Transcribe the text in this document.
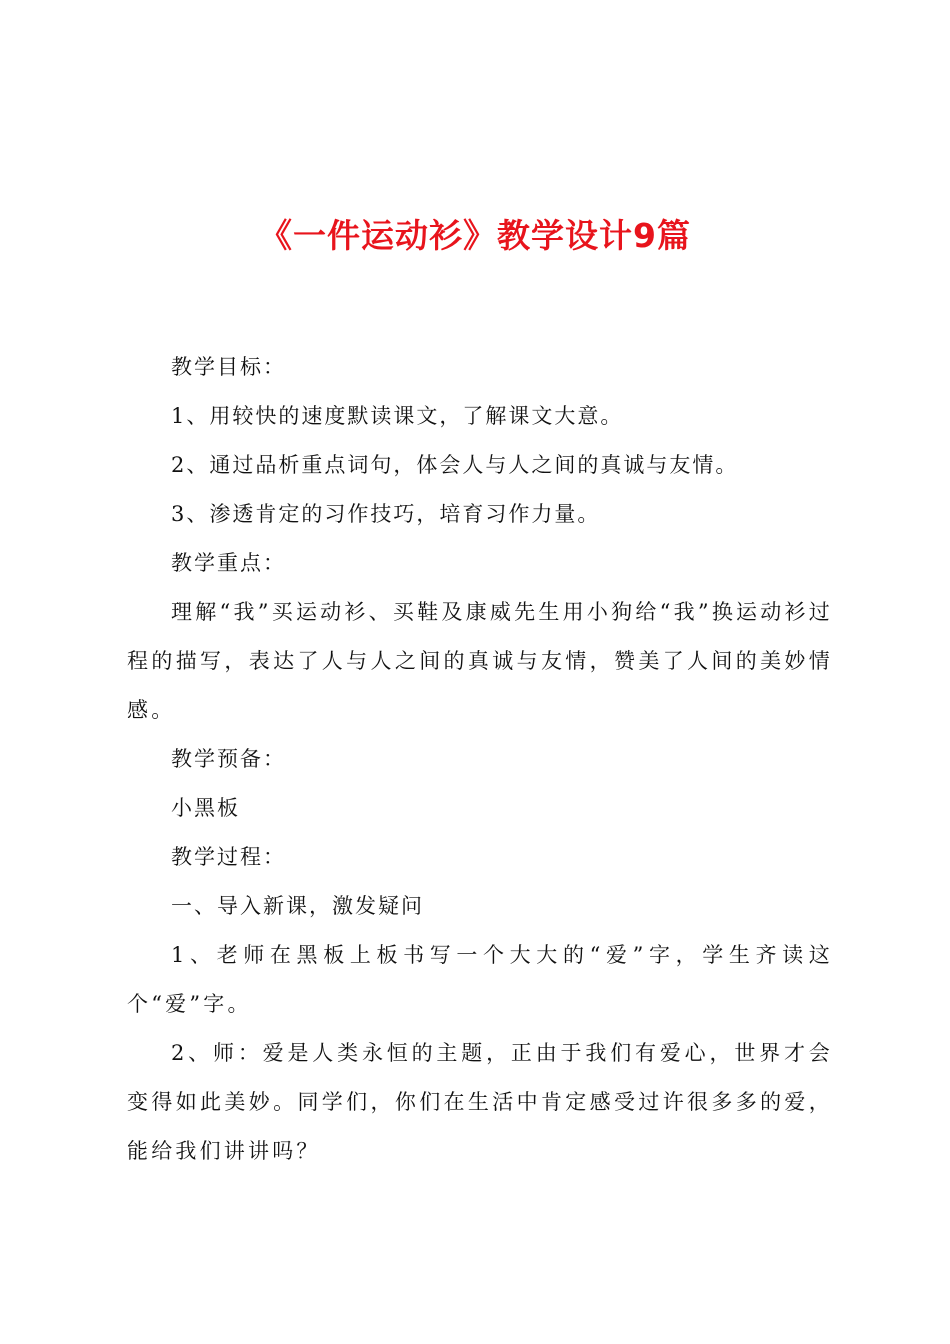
《一件运动衫》教学设计9篇

教学目标：

1、用较快的速度默读课文，了解课文大意。

2、通过品析重点词句，体会人与人之间的真诚与友情。

3、渗透肯定的习作技巧，培育习作力量。

教学重点：

理解“我”买运动衫、买鞋及康威先生用小狗给“我”换运动衫过程的描写，表达了人与人之间的真诚与友情，赞美了人间的美妙情感。

教学预备：

小黑板

教学过程：

一、导入新课，激发疑问

1、老师在黑板上板书写一个大大的“爱”字，学生齐读这个“爱”字。

2、师：爱是人类永恒的主题，正由于我们有爱心，世界才会变得如此美妙。同学们，你们在生活中肯定感受过许很多多的爱，能给我们讲讲吗？
